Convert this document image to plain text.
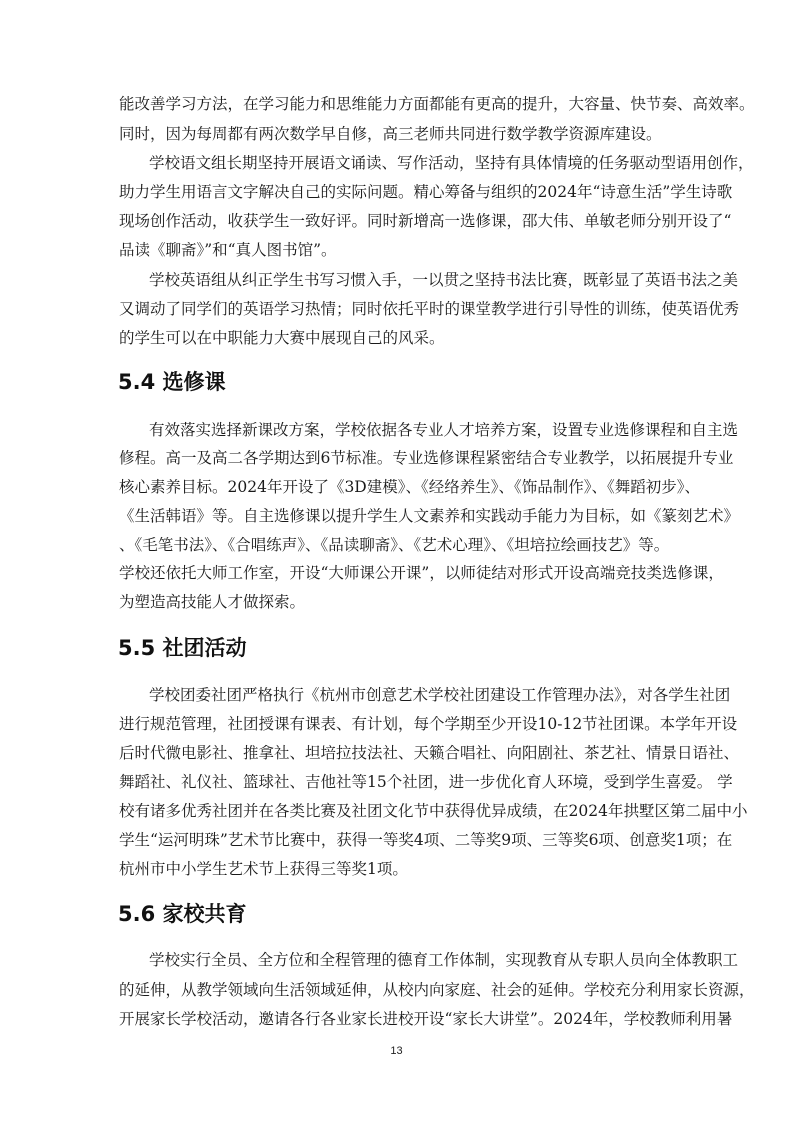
能改善学习方法，在学习能力和思维能力方面都能有更高的提升，大容量、快节奏、高效率。
同时，因为每周都有两次数学早自修，高三老师共同进行数学教学资源库建设。
学校语文组长期坚持开展语文诵读、写作活动，坚持有具体情境的任务驱动型语用创作，
助力学生用语言文字解决自己的实际问题。精心筹备与组织的2024年“诗意生活”学生诗歌
现场创作活动，收获学生一致好评。同时新增高一选修课，邵大伟、单敏老师分别开设了“
品读《聊斋》”和“真人图书馆”。
学校英语组从纠正学生书写习惯入手，一以贯之坚持书法比赛，既彰显了英语书法之美
又调动了同学们的英语学习热情；同时依托平时的课堂教学进行引导性的训练，使英语优秀
的学生可以在中职能力大赛中展现自己的风采。
5.4 选修课
有效落实选择新课改方案，学校依据各专业人才培养方案，设置专业选修课程和自主选
修程。高一及高二各学期达到6节标准。专业选修课程紧密结合专业教学，以拓展提升专业
核心素养目标。2024年开设了《3D建模》、《经络养生》、《饰品制作》、《舞蹈初步》、
《生活韩语》等。自主选修课以提升学生人文素养和实践动手能力为目标，如《篆刻艺术》
、《毛笔书法》、《合唱练声》、《品读聊斋》、《艺术心理》、《坦培拉绘画技艺》等。
学校还依托大师工作室，开设“大师课公开课”，以师徒结对形式开设高端竞技类选修课，
为塑造高技能人才做探索。
5.5 社团活动
学校团委社团严格执行《杭州市创意艺术学校社团建设工作管理办法》，对各学生社团
进行规范管理，社团授课有课表、有计划，每个学期至少开设10-12节社团课。本学年开设
后时代微电影社、推拿社、坦培拉技法社、天籁合唱社、向阳剧社、茶艺社、情景日语社、
舞蹈社、礼仪社、篮球社、吉他社等15个社团，进一步优化育人环境，受到学生喜爱。 学
校有诸多优秀社团并在各类比赛及社团文化节中获得优异成绩，在2024年拱墅区第二届中小
学生“运河明珠”艺术节比赛中，获得一等奖4项、二等奖9项、三等奖6项、创意奖1项；在
杭州市中小学生艺术节上获得三等奖1项。
5.6 家校共育
学校实行全员、全方位和全程管理的德育工作体制，实现教育从专职人员向全体教职工
的延伸，从教学领域向生活领域延伸，从校内向家庭、社会的延伸。学校充分利用家长资源，
开展家长学校活动，邀请各行各业家长进校开设“家长大讲堂”。2024年，学校教师利用暑
13
